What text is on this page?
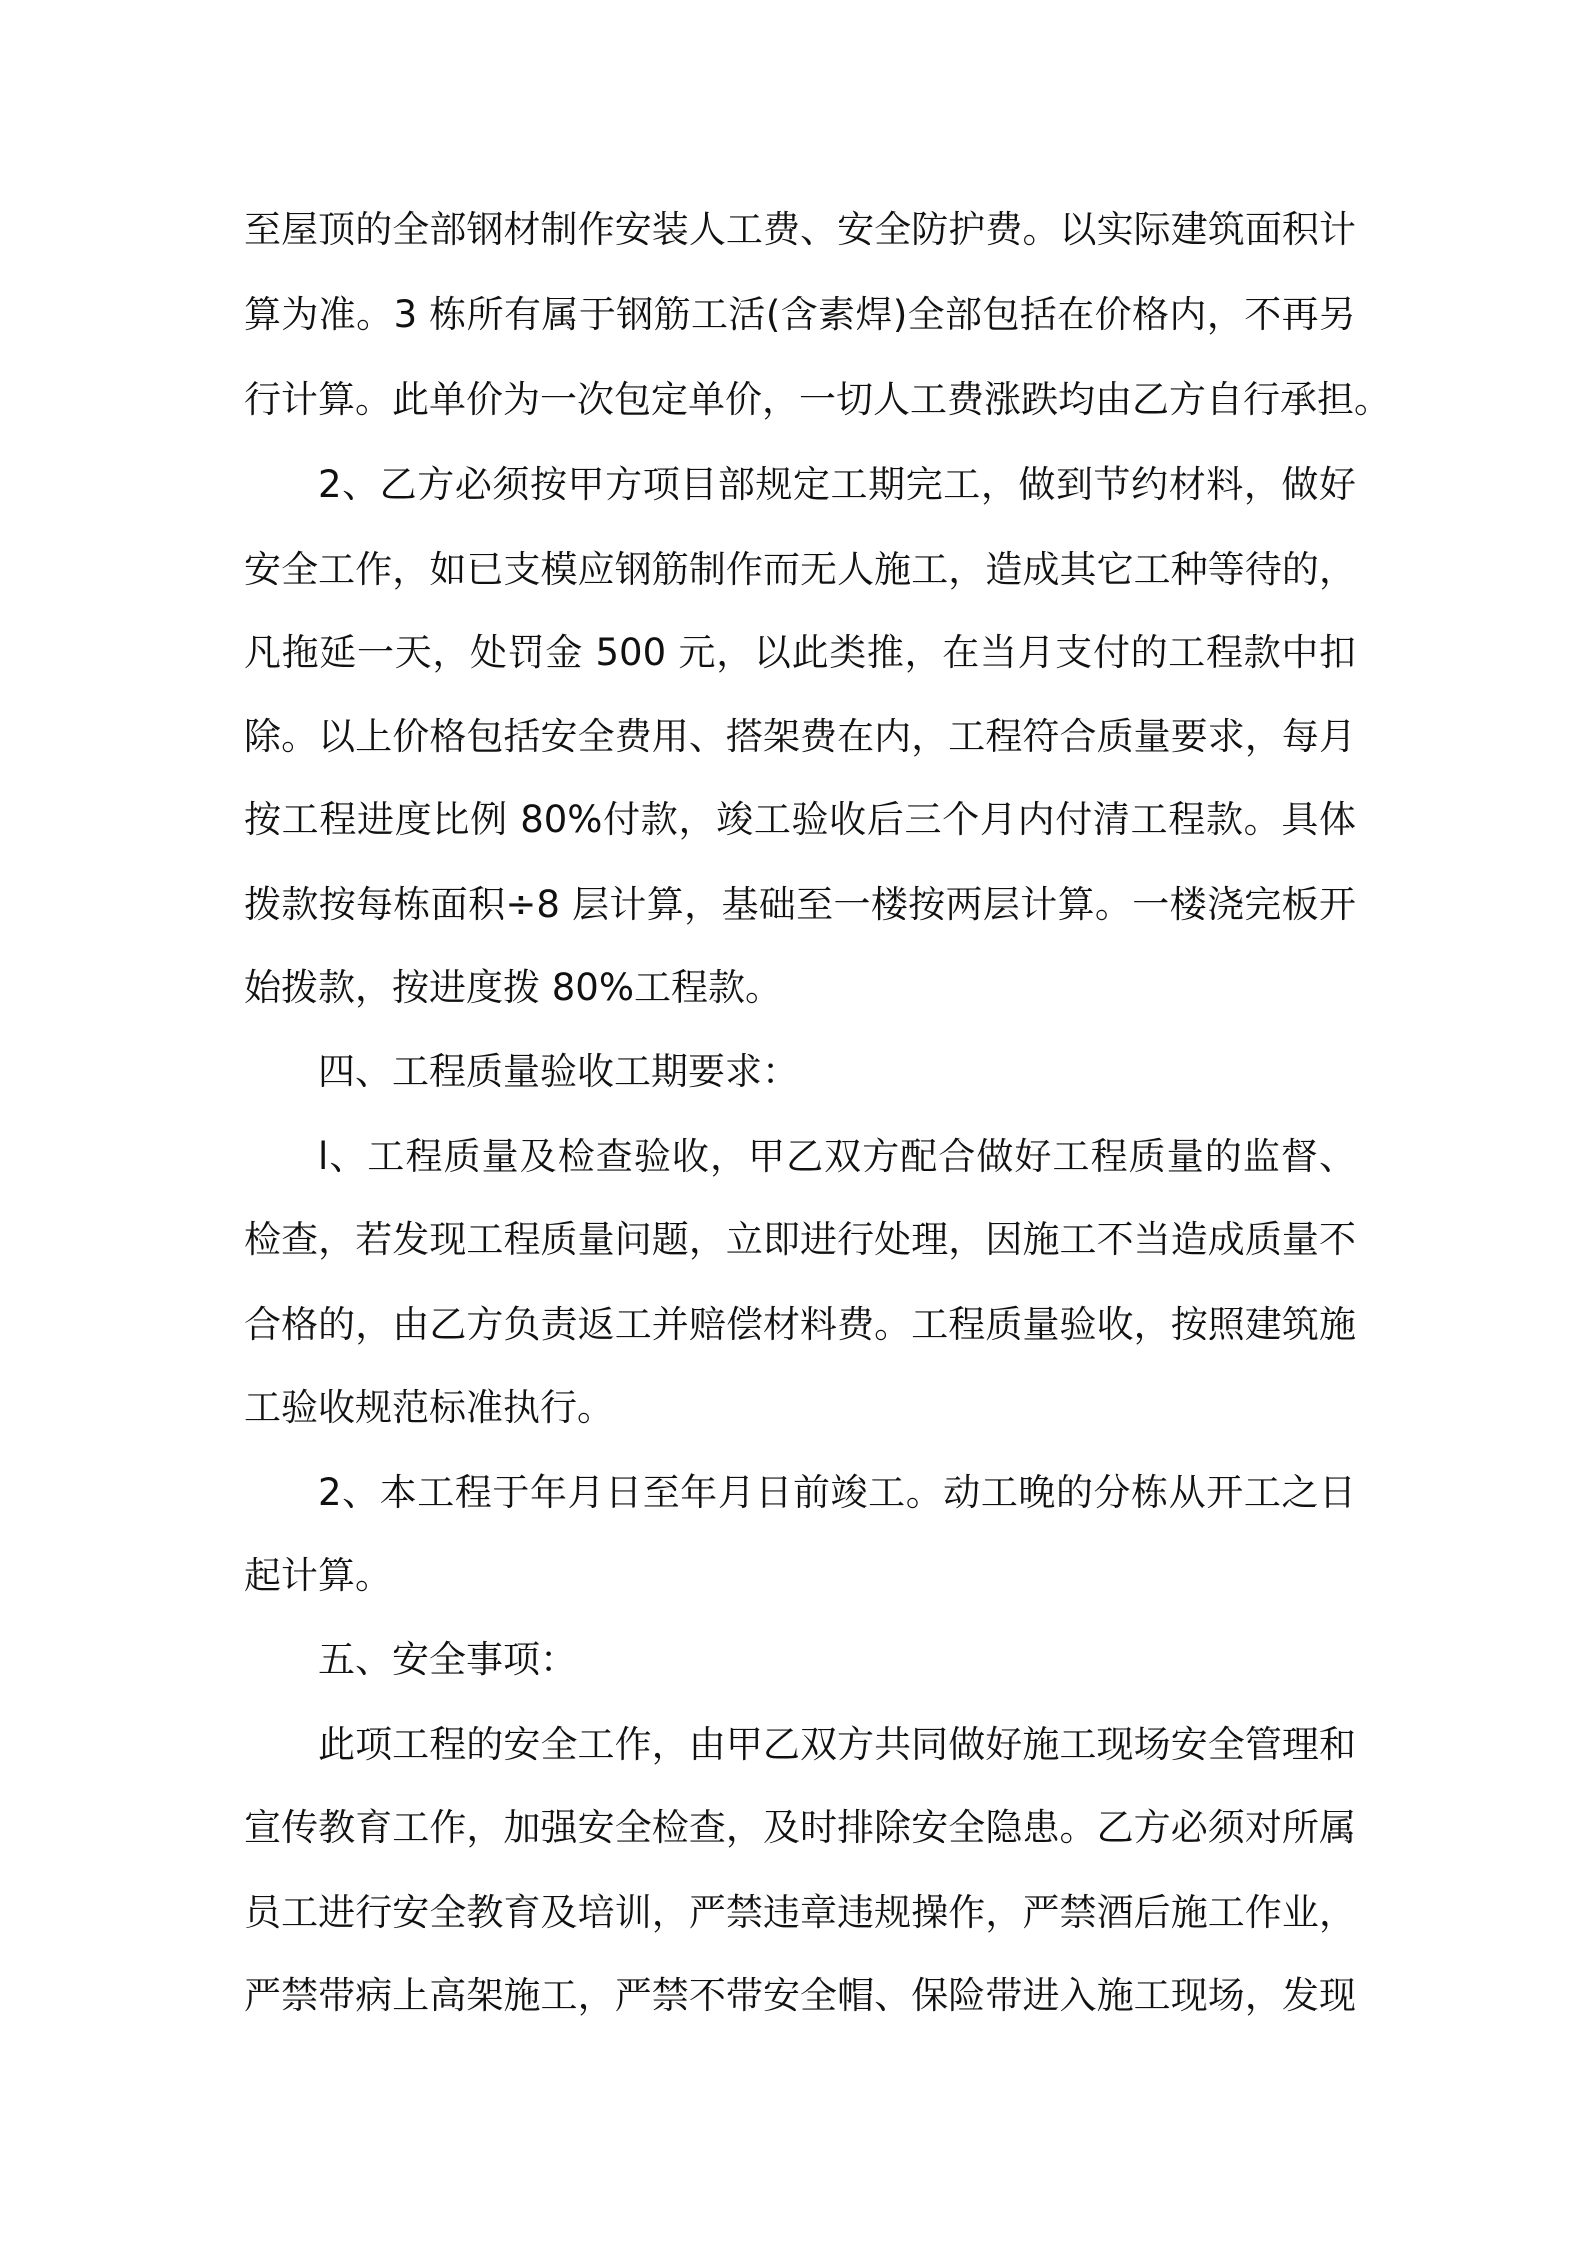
至屋顶的全部钢材制作安装人工费、安全防护费。以实际建筑面积计
算为准。3 栋所有属于钢筋工活(含素焊)全部包括在价格内，不再另
行计算。此单价为一次包定单价，一切人工费涨跌均由乙方自行承担。
2、乙方必须按甲方项目部规定工期完工，做到节约材料，做好
安全工作，如已支模应钢筋制作而无人施工，造成其它工种等待的，
凡拖延一天，处罚金 500 元，以此类推，在当月支付的工程款中扣
除。以上价格包括安全费用、搭架费在内，工程符合质量要求，每月
按工程进度比例 80%付款，竣工验收后三个月内付清工程款。具体
拨款按每栋面积÷8 层计算，基础至一楼按两层计算。一楼浇完板开
始拨款，按进度拨 80%工程款。
四、工程质量验收工期要求：
l、工程质量及检查验收，甲乙双方配合做好工程质量的监督、
检查，若发现工程质量问题，立即进行处理，因施工不当造成质量不
合格的，由乙方负责返工并赔偿材料费。工程质量验收，按照建筑施
工验收规范标准执行。
2、本工程于年月日至年月日前竣工。动工晚的分栋从开工之日
起计算。
五、安全事项：
此项工程的安全工作，由甲乙双方共同做好施工现场安全管理和
宣传教育工作，加强安全检查，及时排除安全隐患。乙方必须对所属
员工进行安全教育及培训，严禁违章违规操作，严禁酒后施工作业，
严禁带病上高架施工，严禁不带安全帽、保险带进入施工现场，发现
